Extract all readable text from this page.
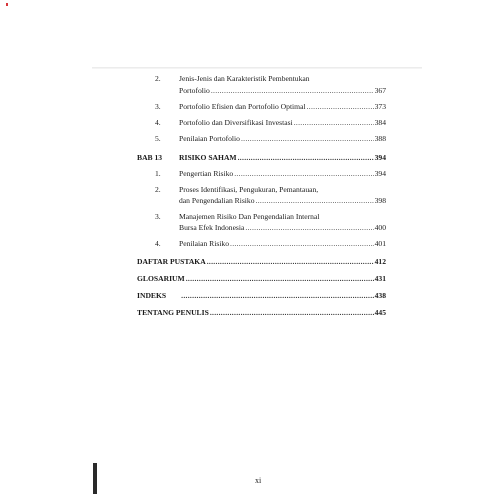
2. Jenis-Jenis dan Karakteristik Pembentukan
Portofolio .....	367
3. Portofolio Efisien dan Portofolio Optimal .....	373
4. Portofolio dan Diversifikasi Investasi .....	384
5. Penilaian Portofolio .....	388
BAB 13 RISIKO SAHAM .....	394
1. Pengertian Risiko .....	394
2. Proses Identifikasi, Pengukuran, Pemantauan,
dan Pengendalian Risiko .....	398
3. Manajemen Risiko Dan Pengendalian Internal
Bursa Efek Indonesia .....	400
4. Penilaian Risiko .....	401
DAFTAR PUSTAKA .....	412
GLOSARIUM .....	431
INDEKS .....	438
TENTANG PENULIS .....	445
xi
